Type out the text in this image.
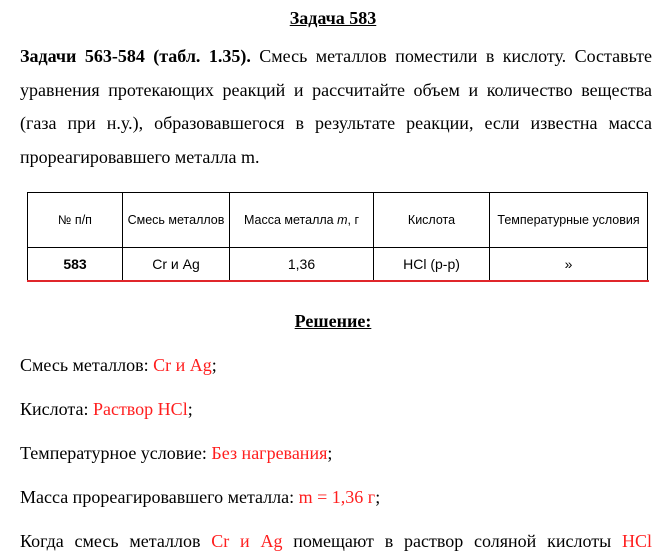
Задача 583
Задачи 563-584 (табл. 1.35). Смесь металлов поместили в кислоту. Составьте уравнения протекающих реакций и рассчитайте объем и количество вещества (газа при н.у.), образовавшегося в результате реакции, если известна масса прореагировавшего металла m.
№ п/п	Смесь металлов	Масса металла m, г	Кислота	Температурные условия
583	Cr и Ag	1,36	HCl (р-р)	»
Решение:
Смесь металлов: Cr и Ag;
Кислота: Раствор HCl;
Температурное условие: Без нагревания;
Масса прореагировавшего металла: m = 1,36 г;
Когда смесь металлов Cr и Ag помещают в раствор соляной кислоты HCl
